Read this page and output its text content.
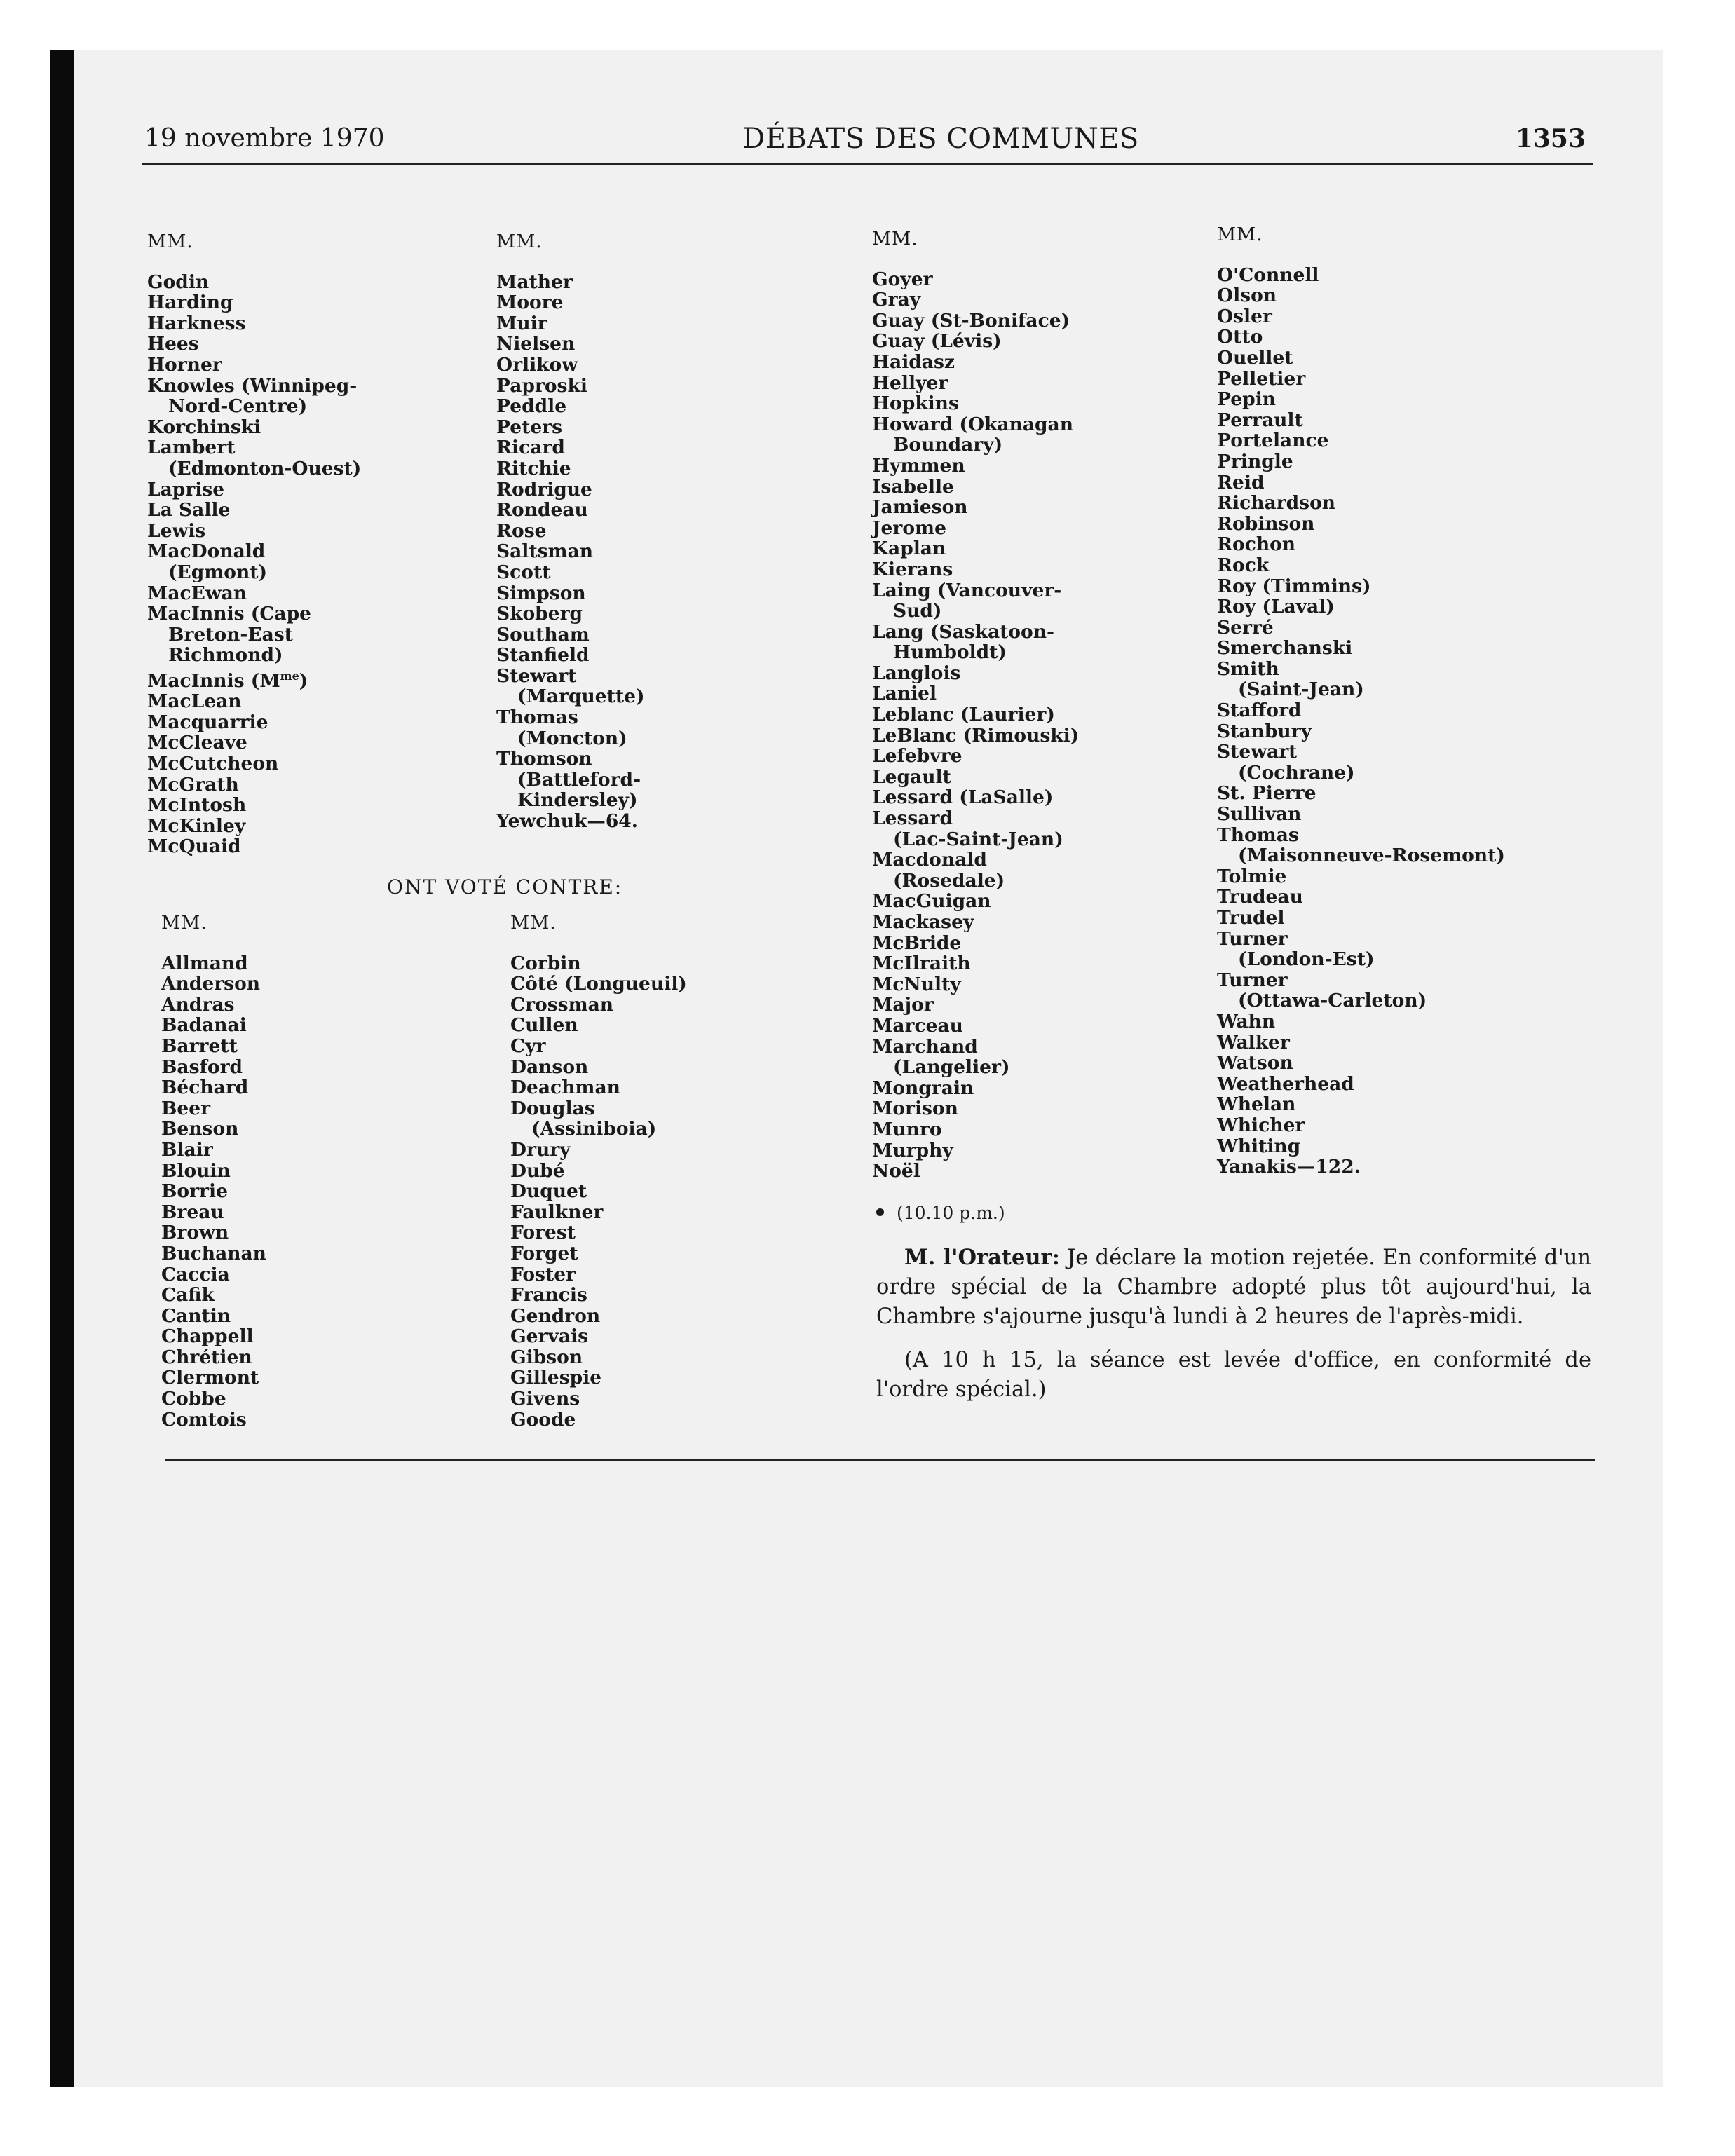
19 novembre 1970	DÉBATS DES COMMUNES	1353
MM.
Godin
Harding
Harkness
Hees
Horner
Knowles (Winnipeg-
Nord-Centre)
Korchinski
Lambert
(Edmonton-Ouest)
Laprise
La Salle
Lewis
MacDonald
(Egmont)
MacEwan
MacInnis (Cape
Breton-East
Richmond)
MacInnis $(M^{me})$
MacLean
Macquarrie
McCleave
McCutcheon
McGrath
McIntosh
McKinley
McQuaid
MM.
Mather
Moore
Muir
Nielsen
Orlikow
Paproski
Peddle
Peters
Ricard
Ritchie
Rodrigue
Rondeau
Rose
Saltsman
Scott
Simpson
Skoberg
Southam
Stanfield
Stewart
(Marquette)
Thomas
(Moncton)
Thomson
(Battleford-
Kindersley)
Yewchuk—64.
ONT VOTÉ CONTRE:
MM.
Allmand
Anderson
Andras
Badanai
Barrett
Basford
Béchard
Beer
Benson
Blair
Blouin
Borrie
Breau
Brown
Buchanan
Caccia
Cafik
Cantin
Chappell
Chrétien
Clermont
Cobbe
Comtois
MM.
Corbin
Côté (Longueuil)
Crossman
Cullen
Cyr
Danson
Deachman
Douglas
(Assiniboia)
Drury
Dubé
Duquet
Faulkner
Forest
Forget
Foster
Francis
Gendron
Gervais
Gibson
Gillespie
Givens
Goode
MM.
Goyer
Gray
Guay (St-Boniface)
Guay (Lévis)
Haidasz
Hellyer
Hopkins
Howard (Okanagan
Boundary)
Hymmen
Isabelle
Jamieson
Jerome
Kaplan
Kierans
Laing (Vancouver-
Sud)
Lang (Saskatoon-
Humboldt)
Langlois
Laniel
Leblanc (Laurier)
LeBlanc (Rimouski)
Lefebvre
Legault
Lessard (LaSalle)
Lessard
(Lac-Saint-Jean)
Macdonald
(Rosedale)
MacGuigan
Mackasey
McBride
McIlraith
McNulty
Major
Marceau
Marchand
(Langelier)
Mongrain
Morison
Munro
Murphy
Noël
MM.
O'Connell
Olson
Osler
Otto
Ouellet
Pelletier
Pepin
Perrault
Portelance
Pringle
Reid
Richardson
Robinson
Rochon
Rock
Roy (Timmins)
Roy (Laval)
Serré
Smerchanski
Smith
(Saint-Jean)
Stafford
Stanbury
Stewart
(Cochrane)
St. Pierre
Sullivan
Thomas
(Maisonneuve-Rosemont)
Tolmie
Trudeau
Trudel
Turner
(London-Est)
Turner
(Ottawa-Carleton)
Wahn
Walker
Watson
Weatherhead
Whelan
Whicher
Whiting
Yanakis—122.
(10.10 p.m.)

M. l'Orateur: Je déclare la motion rejetée. En conformité d'un ordre spécial de la Chambre adopté plus tôt aujourd'hui, la Chambre s'ajourne jusqu'à lundi à 2 heures de l'après-midi.

(A 10 h 15, la séance est levée d'office, en conformité de l'ordre spécial.)
